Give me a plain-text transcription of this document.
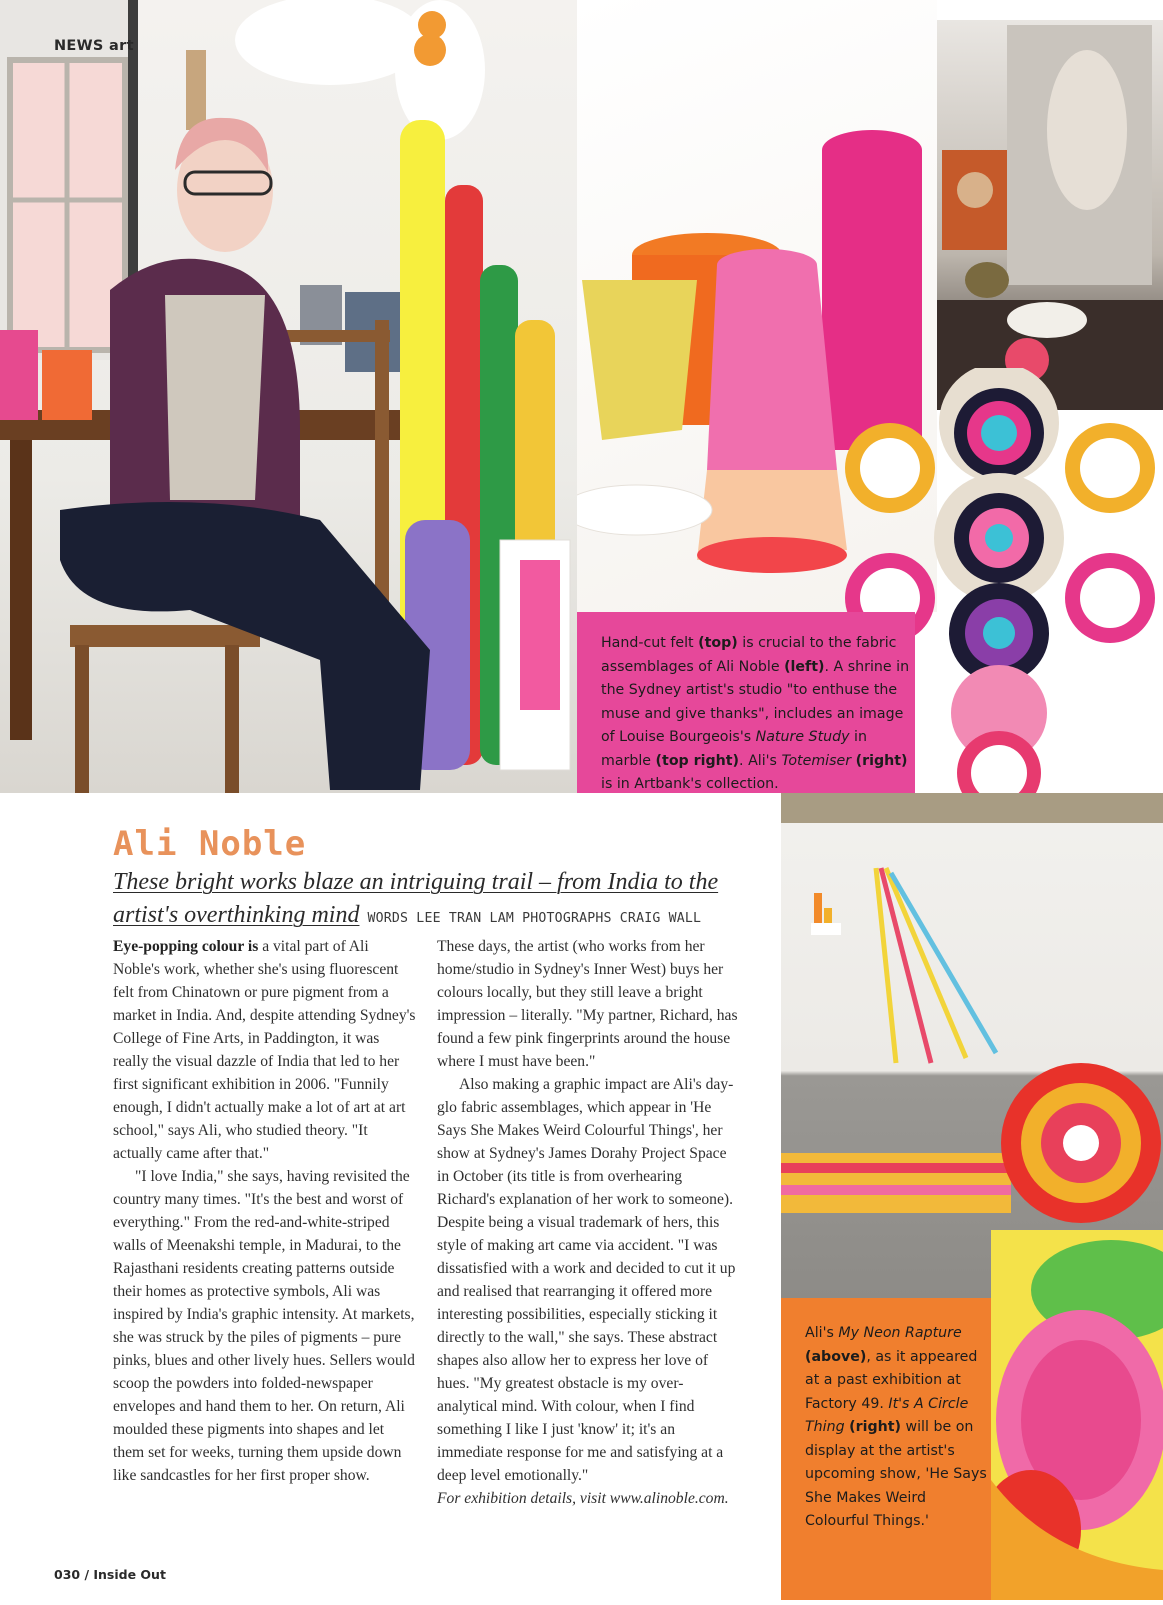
NEWS art
Hand-cut felt (top) is crucial to the fabric assemblages of Ali Noble (left). A shrine in the Sydney artist's studio "to enthuse the muse and give thanks", includes an image of Louise Bourgeois's Nature Study in marble (top right). Ali's Totemiser (right) is in Artbank's collection.
Ali's My Neon Rapture (above), as it appeared at a past exhibition at Factory 49. It's A Circle Thing (right) will be on display at the artist's upcoming show, 'He Says She Makes Weird Colourful Things.'
Ali Noble
These bright works blaze an intriguing trail – from India to the artist's overthinking mind WORDS LEE TRAN LAM PHOTOGRAPHS CRAIG WALL

Eye-popping colour is a vital part of Ali Noble's work, whether she's using fluorescent felt from Chinatown or pure pigment from a market in India. And, despite attending Sydney's College of Fine Arts, in Paddington, it was really the visual dazzle of India that led to her first significant exhibition in 2006. "Funnily enough, I didn't actually make a lot of art at art school," says Ali, who studied theory. "It actually came after that."

"I love India," she says, having revisited the country many times. "It's the best and worst of everything." From the red-and-white-striped walls of Meenakshi temple, in Madurai, to the Rajasthani residents creating patterns outside their homes as protective symbols, Ali was inspired by India's graphic intensity. At markets, she was struck by the piles of pigments – pure pinks, blues and other lively hues. Sellers would scoop the powders into folded-newspaper envelopes and hand them to her. On return, Ali moulded these pigments into shapes and let them set for weeks, turning them upside down like sandcastles for her first proper show.

These days, the artist (who works from her home/studio in Sydney's Inner West) buys her colours locally, but they still leave a bright impression – literally. "My partner, Richard, has found a few pink fingerprints around the house where I must have been."

Also making a graphic impact are Ali's day-glo fabric assemblages, which appear in 'He Says She Makes Weird Colourful Things', her show at Sydney's James Dorahy Project Space in October (its title is from overhearing Richard's explanation of her work to someone). Despite being a visual trademark of hers, this style of making art came via accident. "I was dissatisfied with a work and decided to cut it up and realised that rearranging it offered more interesting possibilities, especially sticking it directly to the wall," she says. These abstract shapes also allow her to express her love of hues. "My greatest obstacle is my over-analytical mind. With colour, when I find something I like I just 'know' it; it's an immediate response for me and satisfying at a deep level emotionally."

For exhibition details, visit www.alinoble.com.

030 / Inside Out
